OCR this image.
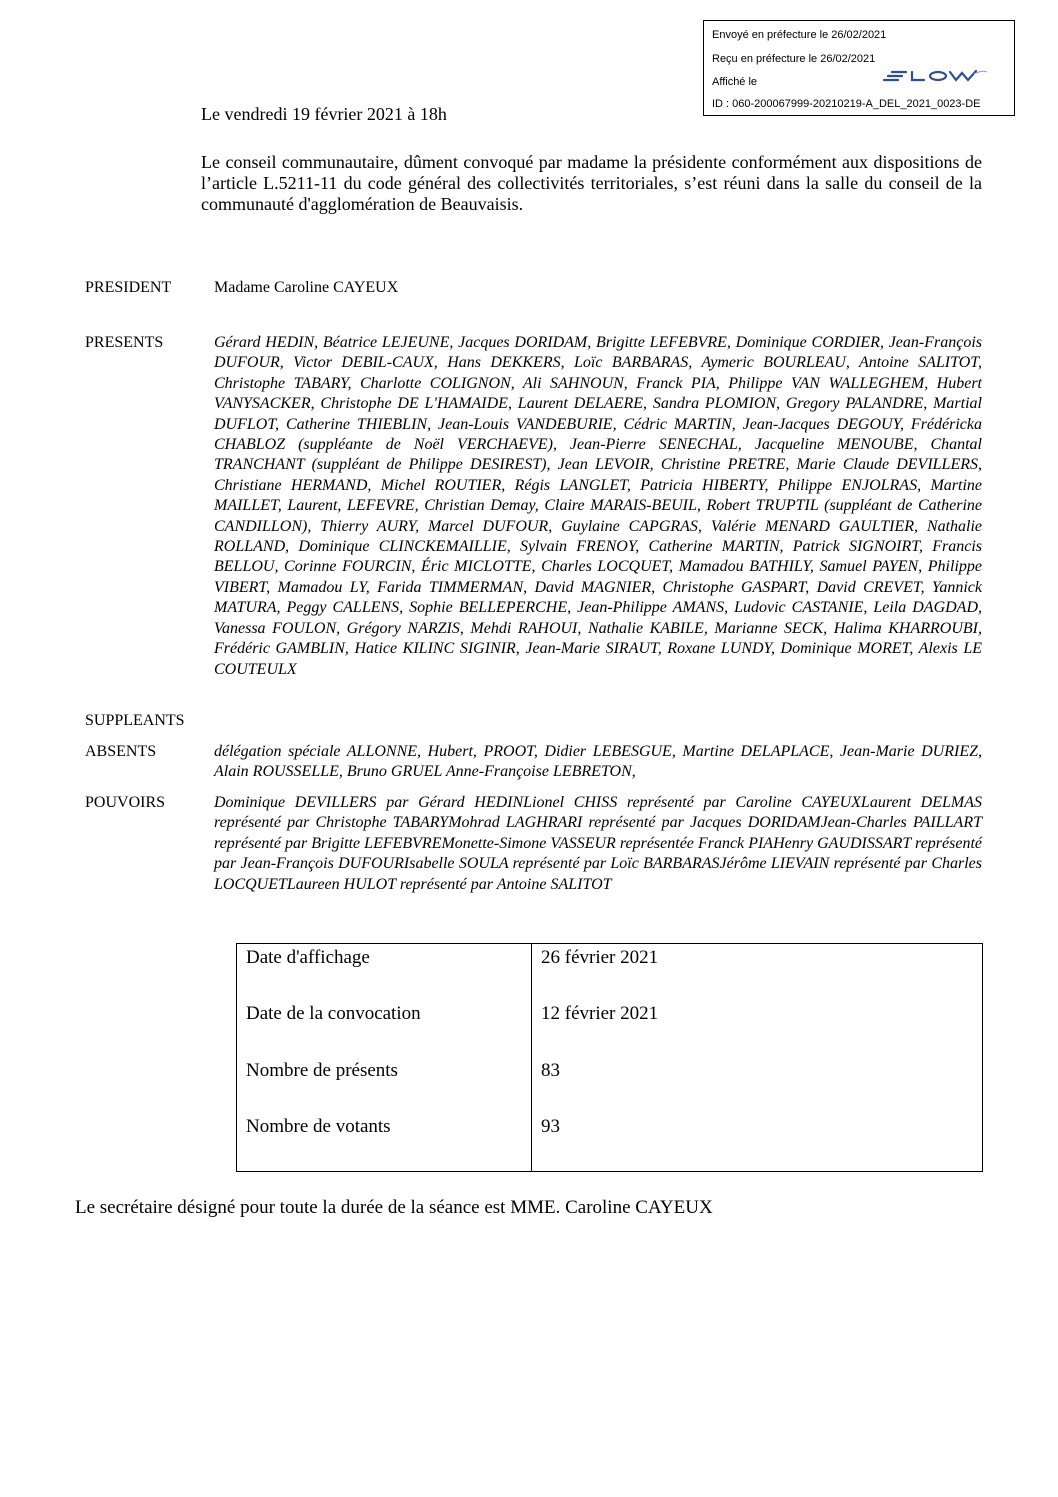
Envoyé en préfecture le 26/02/2021
Reçu en préfecture le 26/02/2021
Affiché le
ID : 060-200067999-20210219-A_DEL_2021_0023-DE
Le vendredi 19 février 2021 à 18h
Le conseil communautaire, dûment convoqué par madame la présidente conformément aux dispositions de l’article L.5211-11 du code général des collectivités territoriales, s’est réuni dans la salle du conseil de la communauté d'agglomération de Beauvaisis.
PRESIDENT	Madame Caroline CAYEUX
PRESENTS	Gérard HEDIN, Béatrice LEJEUNE, Jacques DORIDAM, Brigitte LEFEBVRE, Dominique CORDIER, Jean-François DUFOUR, Victor DEBIL-CAUX, Hans DEKKERS, Loïc BARBARAS, Aymeric BOURLEAU, Antoine SALITOT, Christophe TABARY, Charlotte COLIGNON, Ali SAHNOUN, Franck PIA, Philippe VAN WALLEGHEM, Hubert VANYSACKER, Christophe DE L'HAMAIDE, Laurent DELAERE, Sandra PLOMION, Gregory PALANDRE, Martial DUFLOT, Catherine THIEBLIN, Jean-Louis VANDEBURIE, Cédric MARTIN, Jean-Jacques DEGOUY, Frédéricka CHABLOZ (suppléante de Noël VERCHAEVE), Jean-Pierre SENECHAL, Jacqueline MENOUBE, Chantal TRANCHANT (suppléant de Philippe DESIREST), Jean LEVOIR, Christine PRETRE, Marie Claude DEVILLERS, Christiane HERMAND, Michel ROUTIER, Régis LANGLET, Patricia HIBERTY, Philippe ENJOLRAS, Martine MAILLET, Laurent, LEFEVRE, Christian Demay, Claire MARAIS-BEUIL, Robert TRUPTIL (suppléant de Catherine CANDILLON), Thierry AURY, Marcel DUFOUR, Guylaine CAPGRAS, Valérie MENARD GAULTIER, Nathalie ROLLAND, Dominique CLINCKEMAILLIE, Sylvain FRENOY, Catherine MARTIN, Patrick SIGNOIRT, Francis BELLOU, Corinne FOURCIN, Éric MICLOTTE, Charles LOCQUET, Mamadou BATHILY, Samuel PAYEN, Philippe VIBERT, Mamadou LY, Farida TIMMERMAN, David MAGNIER, Christophe GASPART, David CREVET, Yannick MATURA, Peggy CALLENS, Sophie BELLEPERCHE, Jean-Philippe AMANS, Ludovic CASTANIE, Leila DAGDAD, Vanessa FOULON, Grégory NARZIS, Mehdi RAHOUI, Nathalie KABILE, Marianne SECK, Halima KHARROUBI, Frédéric GAMBLIN, Hatice KILINC SIGINIR, Jean-Marie SIRAUT, Roxane LUNDY, Dominique MORET, Alexis LE COUTEULX
SUPPLEANTS
ABSENTS	délégation spéciale ALLONNE, Hubert, PROOT, Didier LEBESGUE, Martine DELAPLACE, Jean-Marie DURIEZ, Alain ROUSSELLE, Bruno GRUEL Anne-Françoise LEBRETON,
POUVOIRS	Dominique DEVILLERS par Gérard HEDINLionel CHISS représenté par Caroline CAYEUXLaurent DELMAS représenté par Christophe TABARYMohrad LAGHRARI représenté par Jacques DORIDAMJean-Charles PAILLART représenté par Brigitte LEFEBVREMonette-Simone VASSEUR représentée Franck PIAHenry GAUDISSART représenté par Jean-François DUFOURIsabelle SOULA représenté par Loïc BARBARASJérôme LIEVAIN représenté par Charles LOCQUETLaureen HULOT représenté par Antoine SALITOT
Date d'affichage	26 février 2021
Date de la convocation	12 février 2021
Nombre de présents	83
Nombre de votants	93
Le secrétaire désigné pour toute la durée de la séance est MME. Caroline CAYEUX
